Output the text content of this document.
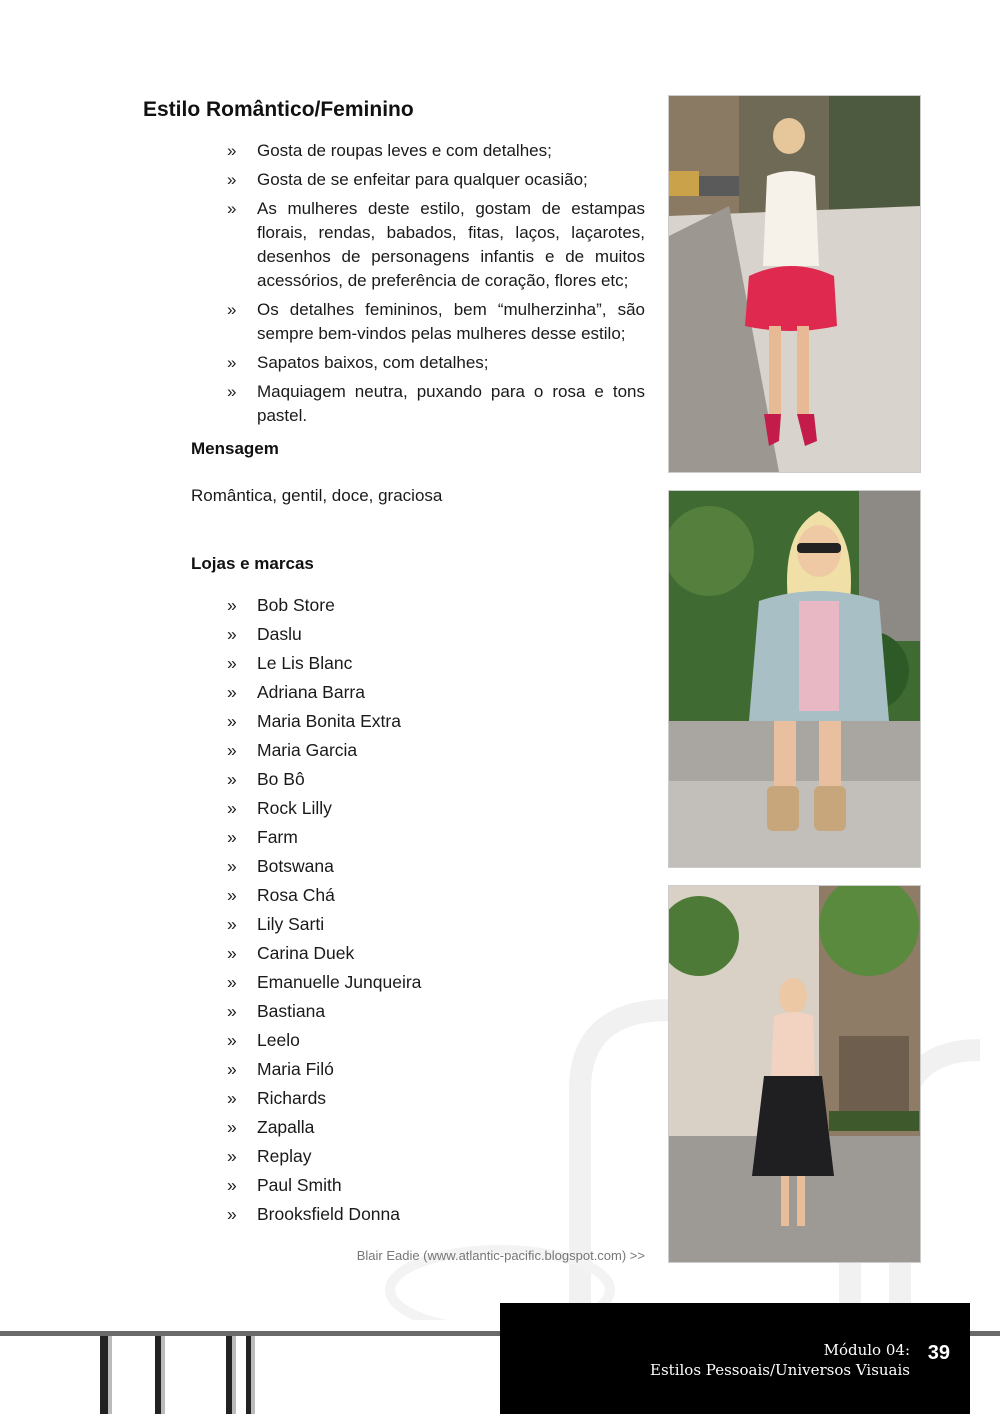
Estilo Romântico/Feminino
» Gosta de roupas leves e com detalhes;
» Gosta de se enfeitar para qualquer ocasião;
» As mulheres deste estilo, gostam de estampas florais, rendas, babados, fitas, laços, laçarotes, desenhos de personagens infantis e de muitos acessórios, de preferência de coração, flores etc;
» Os detalhes femininos, bem “mulherzinha”, são sempre bem-vindos pelas mulheres desse estilo;
» Sapatos baixos, com detalhes;
» Maquiagem neutra, puxando para o rosa e tons pastel.
Mensagem

Romântica, gentil, doce, graciosa

Lojas e marcas
» Bob Store
» Daslu
» Le Lis Blanc
» Adriana Barra
» Maria Bonita Extra
» Maria Garcia
» Bo Bô
» Rock Lilly
» Farm
» Botswana
» Rosa Chá
» Lily Sarti
» Carina Duek
» Emanuelle Junqueira
» Bastiana
» Leelo
» Maria Filó
» Richards
» Zapalla
» Replay
» Paul Smith
» Brooksfield Donna

Blair Eadie (www.atlantic-pacific.blogspot.com) >>

Módulo 04:

Estilos Pessoais/Universos Visuais

39
